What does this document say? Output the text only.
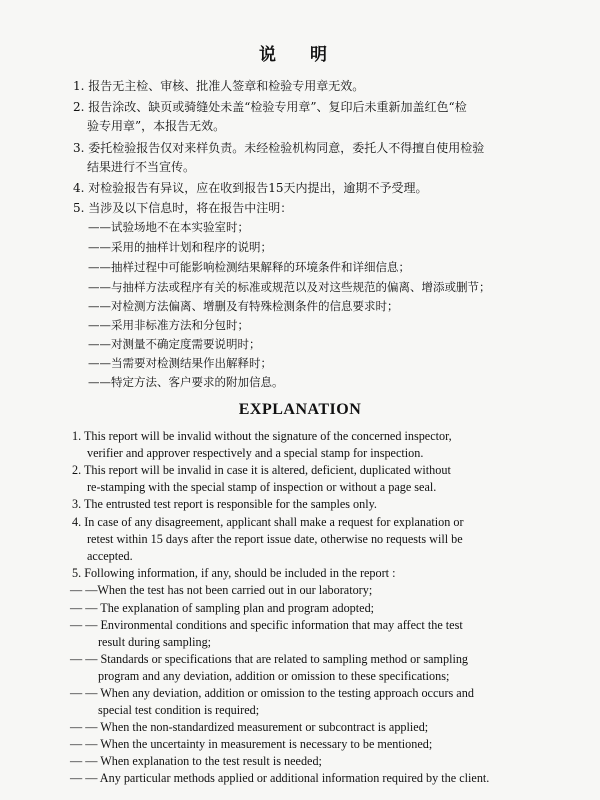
说 明
1. 报告无主检、审核、批准人签章和检验专用章无效。
2. 报告涂改、缺页或骑缝处未盖“检验专用章”、复印后未重新加盖红色“检
验专用章”，本报告无效。
3. 委托检验报告仅对来样负责。未经检验机构同意，委托人不得擅自使用检验
结果进行不当宣传。
4. 对检验报告有异议，应在收到报告15天内提出，逾期不予受理。
5. 当涉及以下信息时，将在报告中注明：
——试验场地不在本实验室时；
——采用的抽样计划和程序的说明；
——抽样过程中可能影响检测结果解释的环境条件和详细信息；
——与抽样方法或程序有关的标准或规范以及对这些规范的偏离、增添或删节；
——对检测方法偏离、增删及有特殊检测条件的信息要求时；
——采用非标准方法和分包时；
——对测量不确定度需要说明时；
——当需要对检测结果作出解释时；
——特定方法、客户要求的附加信息。
EXPLANATION
1. This report will be invalid without the signature of the concerned inspector,
verifier and approver respectively and a special stamp for inspection.
2. This report will be invalid in case it is altered, deficient, duplicated without
re-stamping with the special stamp of inspection or without a page seal.
3. The entrusted test report is responsible for the samples only.
4. In case of any disagreement, applicant shall make a request for explanation or
retest within 15 days after the report issue date, otherwise no requests will be
accepted.
5. Following information, if any, should be included in the report :
— —When the test has not been carried out in our laboratory;
— — The explanation of sampling plan and program adopted;
— — Environmental conditions and specific information that may affect the test
result during sampling;
— — Standards or specifications that are related to sampling method or sampling
program and any deviation, addition or omission to these specifications;
— — When any deviation, addition or omission to the testing approach occurs and
special test condition is required;
— — When the non-standardized measurement or subcontract is applied;
— — When the uncertainty in measurement is necessary to be mentioned;
— — When explanation to the test result is needed;
— — Any particular methods applied or additional information required by the client.
